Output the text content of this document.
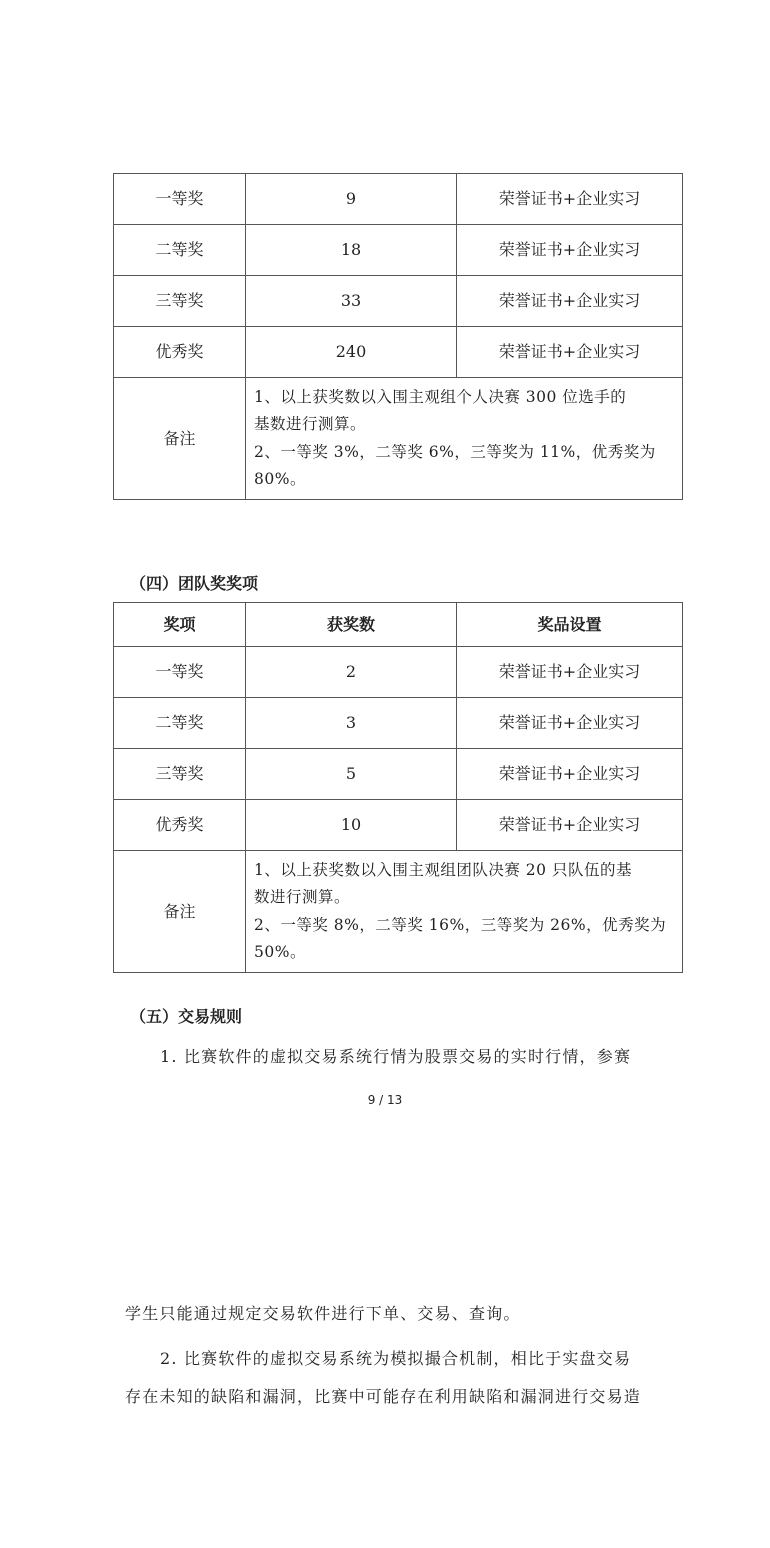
一等奖	9	荣誉证书+企业实习
二等奖	18	荣誉证书+企业实习
三等奖	33	荣誉证书+企业实习
优秀奖	240	荣誉证书+企业实习
备注	1、以上获奖数以入围主观组个人决赛 300 位选手的
基数进行测算。
2、一等奖 3%，二等奖 6%，三等奖为 11%，优秀奖为
80%。	
（四）团队奖奖项
奖项	获奖数	奖品设置
一等奖	2	荣誉证书+企业实习
二等奖	3	荣誉证书+企业实习
三等奖	5	荣誉证书+企业实习
优秀奖	10	荣誉证书+企业实习
备注	1、以上获奖数以入围主观组团队决赛 20 只队伍的基
数进行测算。
2、一等奖 8%，二等奖 16%，三等奖为 26%，优秀奖为
50%。	
（五）交易规则
1. 比赛软件的虚拟交易系统行情为股票交易的实时行情，参赛
9 / 13
学生只能通过规定交易软件进行下单、交易、查询。
2. 比赛软件的虚拟交易系统为模拟撮合机制，相比于实盘交易
存在未知的缺陷和漏洞，比赛中可能存在利用缺陷和漏洞进行交易造
